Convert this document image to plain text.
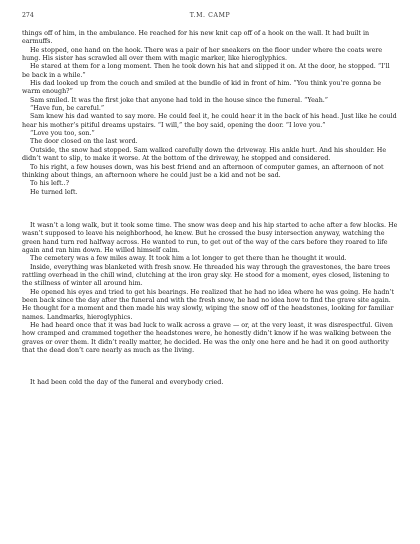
274	T.M. CAMP

things off of him, in the ambulance. He reached for his new knit cap off of a hook on the wall. It had built in earmuffs.

He stopped, one hand on the hook. There was a pair of her sneakers on the floor under where the coats were hung. His sister has scrawled all over them with magic marker, like hieroglyphics.

He stared at them for a long moment. Then he took down his hat and slipped it on. At the door, he stopped. “I’ll be back in a while.”

His dad looked up from the couch and smiled at the bundle of kid in front of him. “You think you’re gonna be warm enough?”

Sam smiled. It was the first joke that anyone had told in the house since the funeral. “Yeah.”

“Have fun, be careful.”

Sam knew his dad wanted to say more. He could feel it, he could hear it in the back of his head. Just like he could hear his mother’s pitiful dreams upstairs. “I will,” the boy said, opening the door. “I love you.”

“Love you too, son.”

The door closed on the last word.

Outside, the snow had stopped. Sam walked carefully down the driveway. His ankle hurt. And his shoulder. He didn’t want to slip, to make it worse. At the bottom of the driveway, he stopped and considered.

To his right, a few houses down, was his best friend and an afternoon of computer games, an afternoon of not thinking about things, an afternoon where he could just be a kid and not be sad.

To his left..?

He turned left.

It wasn’t a long walk, but it took some time. The snow was deep and his hip started to ache after a few blocks. He wasn’t supposed to leave his neighborhood, he knew. But he crossed the busy intersection anyway, watching the green hand turn red halfway across. He wanted to run, to get out of the way of the cars before they roared to life again and ran him down. He willed himself calm.

The cemetery was a few miles away. It took him a lot longer to get there than he thought it would.

Inside, everything was blanketed with fresh snow. He threaded his way through the gravestones, the bare trees rattling overhead in the chill wind, clutching at the iron gray sky. He stood for a moment, eyes closed, listening to the stillness of winter all around him.

He opened his eyes and tried to get his bearings. He realized that he had no idea where he was going. He hadn’t been back since the day after the funeral and with the fresh snow, he had no idea how to find the grave site again. He thought for a moment and then made his way slowly, wiping the snow off of the headstones, looking for familiar names. Landmarks, hieroglyphics.

He had heard once that it was bad luck to walk across a grave — or, at the very least, it was disrespectful. Given how cramped and crammed together the headstones were, he honestly didn’t know if he was walking between the graves or over them. It didn’t really matter, he decided. He was the only one here and he had it on good authority that the dead don’t care nearly as much as the living.

It had been cold the day of the funeral and everybody cried.
